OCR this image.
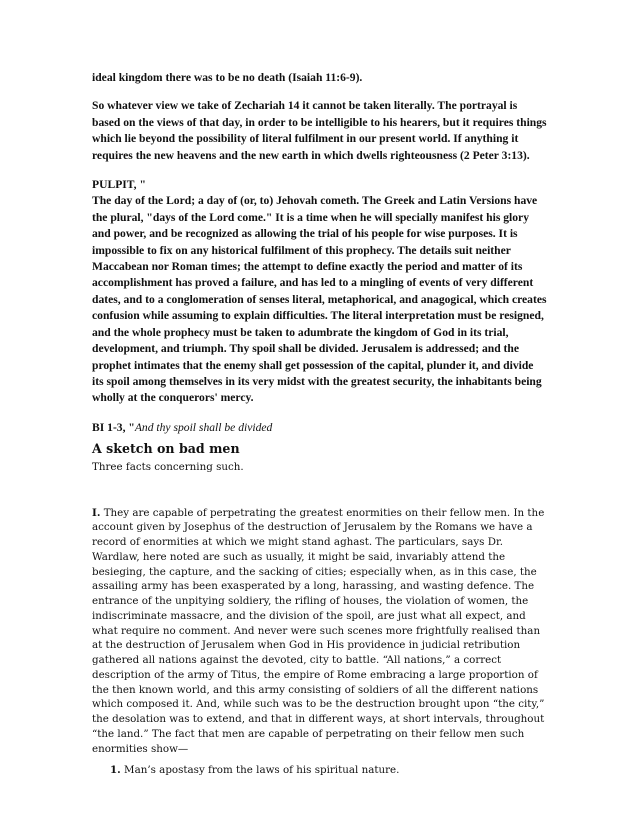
ideal kingdom there was to be no death (Isaiah 11:6-9).

So whatever view we take of Zechariah 14 it cannot be taken literally. The portrayal is based on the views of that day, in order to be intelligible to his hearers, but it requires things which lie beyond the possibility of literal fulfilment in our present world. If anything it requires the new heavens and the new earth in which dwells righteousness (2 Peter 3:13).

PULPIT, "

The day of the Lord; a day of (or, to) Jehovah cometh. The Greek and Latin Versions have the plural, "days of the Lord come." It is a time when he will specially manifest his glory and power, and be recognized as allowing the trial of his people for wise purposes. It is impossible to fix on any historical fulfilment of this prophecy. The details suit neither Maccabean nor Roman times; the attempt to define exactly the period and matter of its accomplishment has proved a failure, and has led to a mingling of events of very different dates, and to a conglomeration of senses literal, metaphorical, and anagogical, which creates confusion while assuming to explain difficulties. The literal interpretation must be resigned, and the whole prophecy must be taken to adumbrate the kingdom of God in its trial, development, and triumph. Thy spoil shall be divided. Jerusalem is addressed; and the prophet intimates that the enemy shall get possession of the capital, plunder it, and divide its spoil among themselves in its very midst with the greatest security, the inhabitants being wholly at the conquerors' mercy.

BI 1-3, "And thy spoil shall be divided

A sketch on bad men

Three facts concerning such.

I. They are capable of perpetrating the greatest enormities on their fellow men. In the account given by Josephus of the destruction of Jerusalem by the Romans we have a record of enormities at which we might stand aghast. The particulars, says Dr. Wardlaw, here noted are such as usually, it might be said, invariably attend the besieging, the capture, and the sacking of cities; especially when, as in this case, the assailing army has been exasperated by a long, harassing, and wasting defence. The entrance of the unpitying soldiery, the rifling of houses, the violation of women, the indiscriminate massacre, and the division of the spoil, are just what all expect, and what require no comment. And never were such scenes more frightfully realised than at the destruction of Jerusalem when God in His providence in judicial retribution gathered all nations against the devoted, city to battle. “All nations,” a correct description of the army of Titus, the empire of Rome embracing a large proportion of the then known world, and this army consisting of soldiers of all the different nations which composed it. And, while such was to be the destruction brought upon “the city,” the desolation was to extend, and that in different ways, at short intervals, throughout “the land.” The fact that men are capable of perpetrating on their fellow men such enormities show—

1. Man’s apostasy from the laws of his spiritual nature.
